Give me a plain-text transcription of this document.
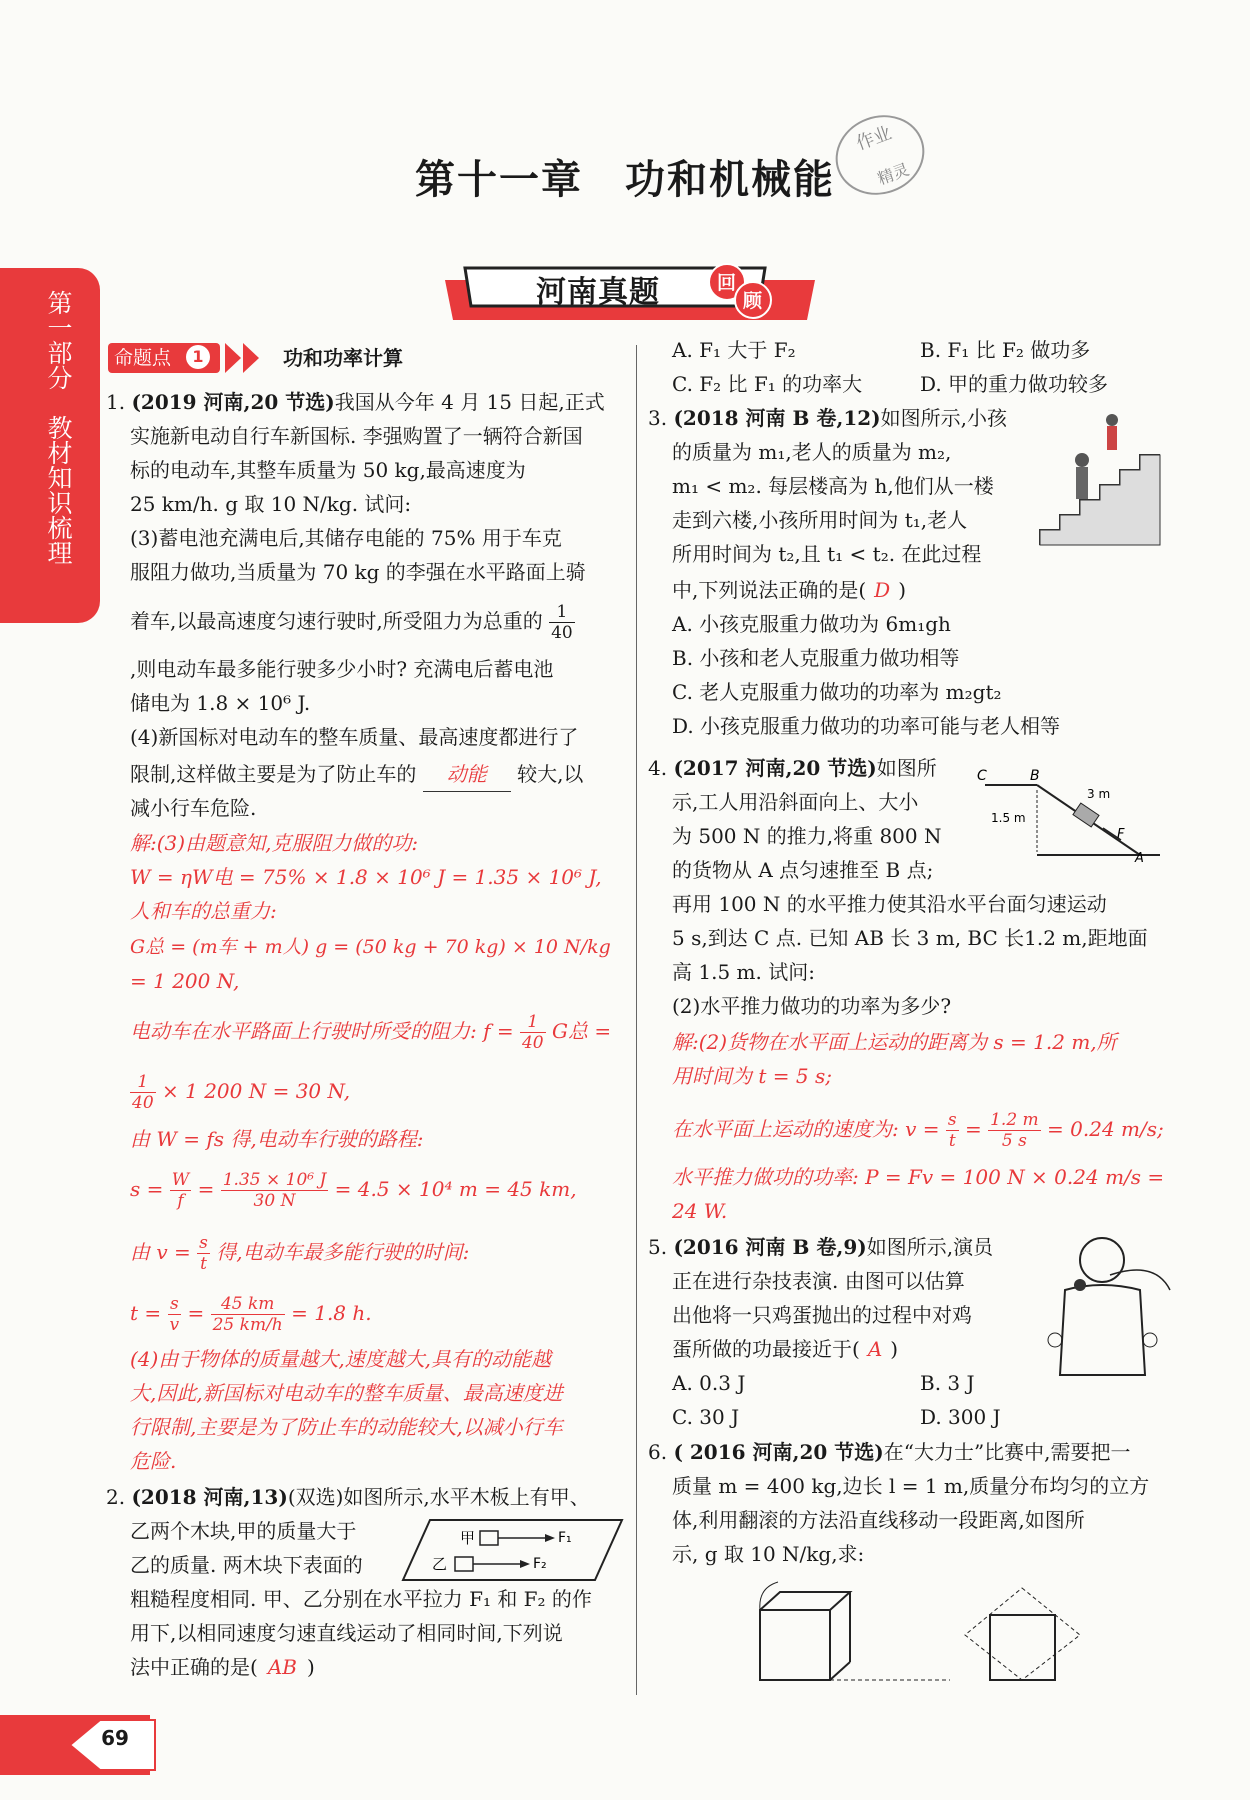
第十一章　功和机械能
作业
精灵
回
顾
河南真题
第一部分　教材知识梳理	命题点	1	功和功率计算
1. (2019 河南,20 节选)我国从今年 4 月 15 日起,正式
实施新电动自行车新国标. 李强购置了一辆符合新国
标的电动车,其整车质量为 50 kg,最高速度为
25 km/h. g 取 10 N/kg. 试问:
(3)蓄电池充满电后,其储存电能的 75% 用于车克
服阻力做功,当质量为 70 kg 的李强在水平路面上骑
着车,以最高速度匀速行驶时,所受阻力为总重的 $\frac{1}{40}$
,则电动车最多能行驶多少小时? 充满电后蓄电池
储电为 1.8 × 10⁶ J.
(4)新国标对电动车的整车质量、最高速度都进行了
限制,这样做主要是为了防止车的 动能 较大,以
减小行车危险.
解:(3)由题意知,克服阻力做的功:
W = ηW电 = 75% × 1.8 × 10⁶ J = 1.35 × 10⁶ J,
人和车的总重力:
G总 = (m车 + m人) g = (50 kg + 70 kg) × 10 N/kg
= 1 200 N,
电动车在水平路面上行驶时所受的阻力: $f = \frac{1}{40}$ G总 =
$\frac{1}{40} \times 1$ 200 N = 30 N,
由 W = fs 得,电动车行驶的路程:
$s = \frac{W}{f} = \frac{\text{1.35 × 10⁶ J}}{30 N} = 4.5 \times 10^4$ m = 45 km,
由 $v = \frac{s}{t}$ 得,电动车最多能行驶的时间:
$t = \frac{s}{v} = \frac{45 km}{25 km/h} = 1.8$ h.
(4)由于物体的质量越大,速度越大,具有的动能越
大,因此,新国标对电动车的整车质量、最高速度进
行限制,主要是为了防止车的动能较大,以减小行车
危险.
2. (2018 河南,13)(双选)如图所示,水平木板上有甲、
乙两个木块,甲的质量大于
乙的质量. 两木块下表面的
粗糙程度相同. 甲、乙分别在水平拉力 F₁ 和 F₂ 的作
用下,以相同速度匀速直线运动了相同时间,下列说
法中正确的是( AB )
甲
乙
F₁
F₂
A. F₁ 大于 F₂	B. F₁ 比 F₂ 做功多
C. F₂ 比 F₁ 的功率大	D. 甲的重力做功较多
3. (2018 河南 B 卷,12)如图所示,小孩
的质量为 m₁,老人的质量为 m₂,
m₁ < m₂. 每层楼高为 h,他们从一楼
走到六楼,小孩所用时间为 t₁,老人
所用时间为 t₂,且 t₁ < t₂. 在此过程
中,下列说法正确的是( D )
A. 小孩克服重力做功为 6m₁gh
B. 小孩和老人克服重力做功相等
C. 老人克服重力做功的功率为 m₂gt₂
D. 小孩克服重力做功的功率可能与老人相等
4. (2017 河南,20 节选)如图所
示,工人用沿斜面向上、大小
为 500 N 的推力,将重 800 N
的货物从 A 点匀速推至 B 点;
再用 100 N 的水平推力使其沿水平台面匀速运动
5 s,到达 C 点. 已知 AB 长 3 m, BC 长1.2 m,距地面
高 1.5 m. 试问:
(2)水平推力做功的功率为多少?
C	B
3 m
1.5 m
F
A
解:(2)货物在水平面上运动的距离为 s = 1.2 m,所
用时间为 t = 5 s;
在水平面上运动的速度为: $v = \frac{s}{t} = \frac{1.2 m}{5 s} = 0.24$ m/s;
水平推力做功的功率: P = Fv = 100 N × 0.24 m/s =
24 W.
5. (2016 河南 B 卷,9)如图所示,演员
正在进行杂技表演. 由图可以估算
出他将一只鸡蛋抛出的过程中对鸡
蛋所做的功最接近于( A )
A. 0.3 J	B. 3 J
C. 30 J	D. 300 J
6. ( 2016 河南,20 节选)在“大力士”比赛中,需要把一
质量 m = 400 kg,边长 l = 1 m,质量分布均匀的立方
体,利用翻滚的方法沿直线移动一段距离,如图所
示, g 取 10 N/kg,求:
69
